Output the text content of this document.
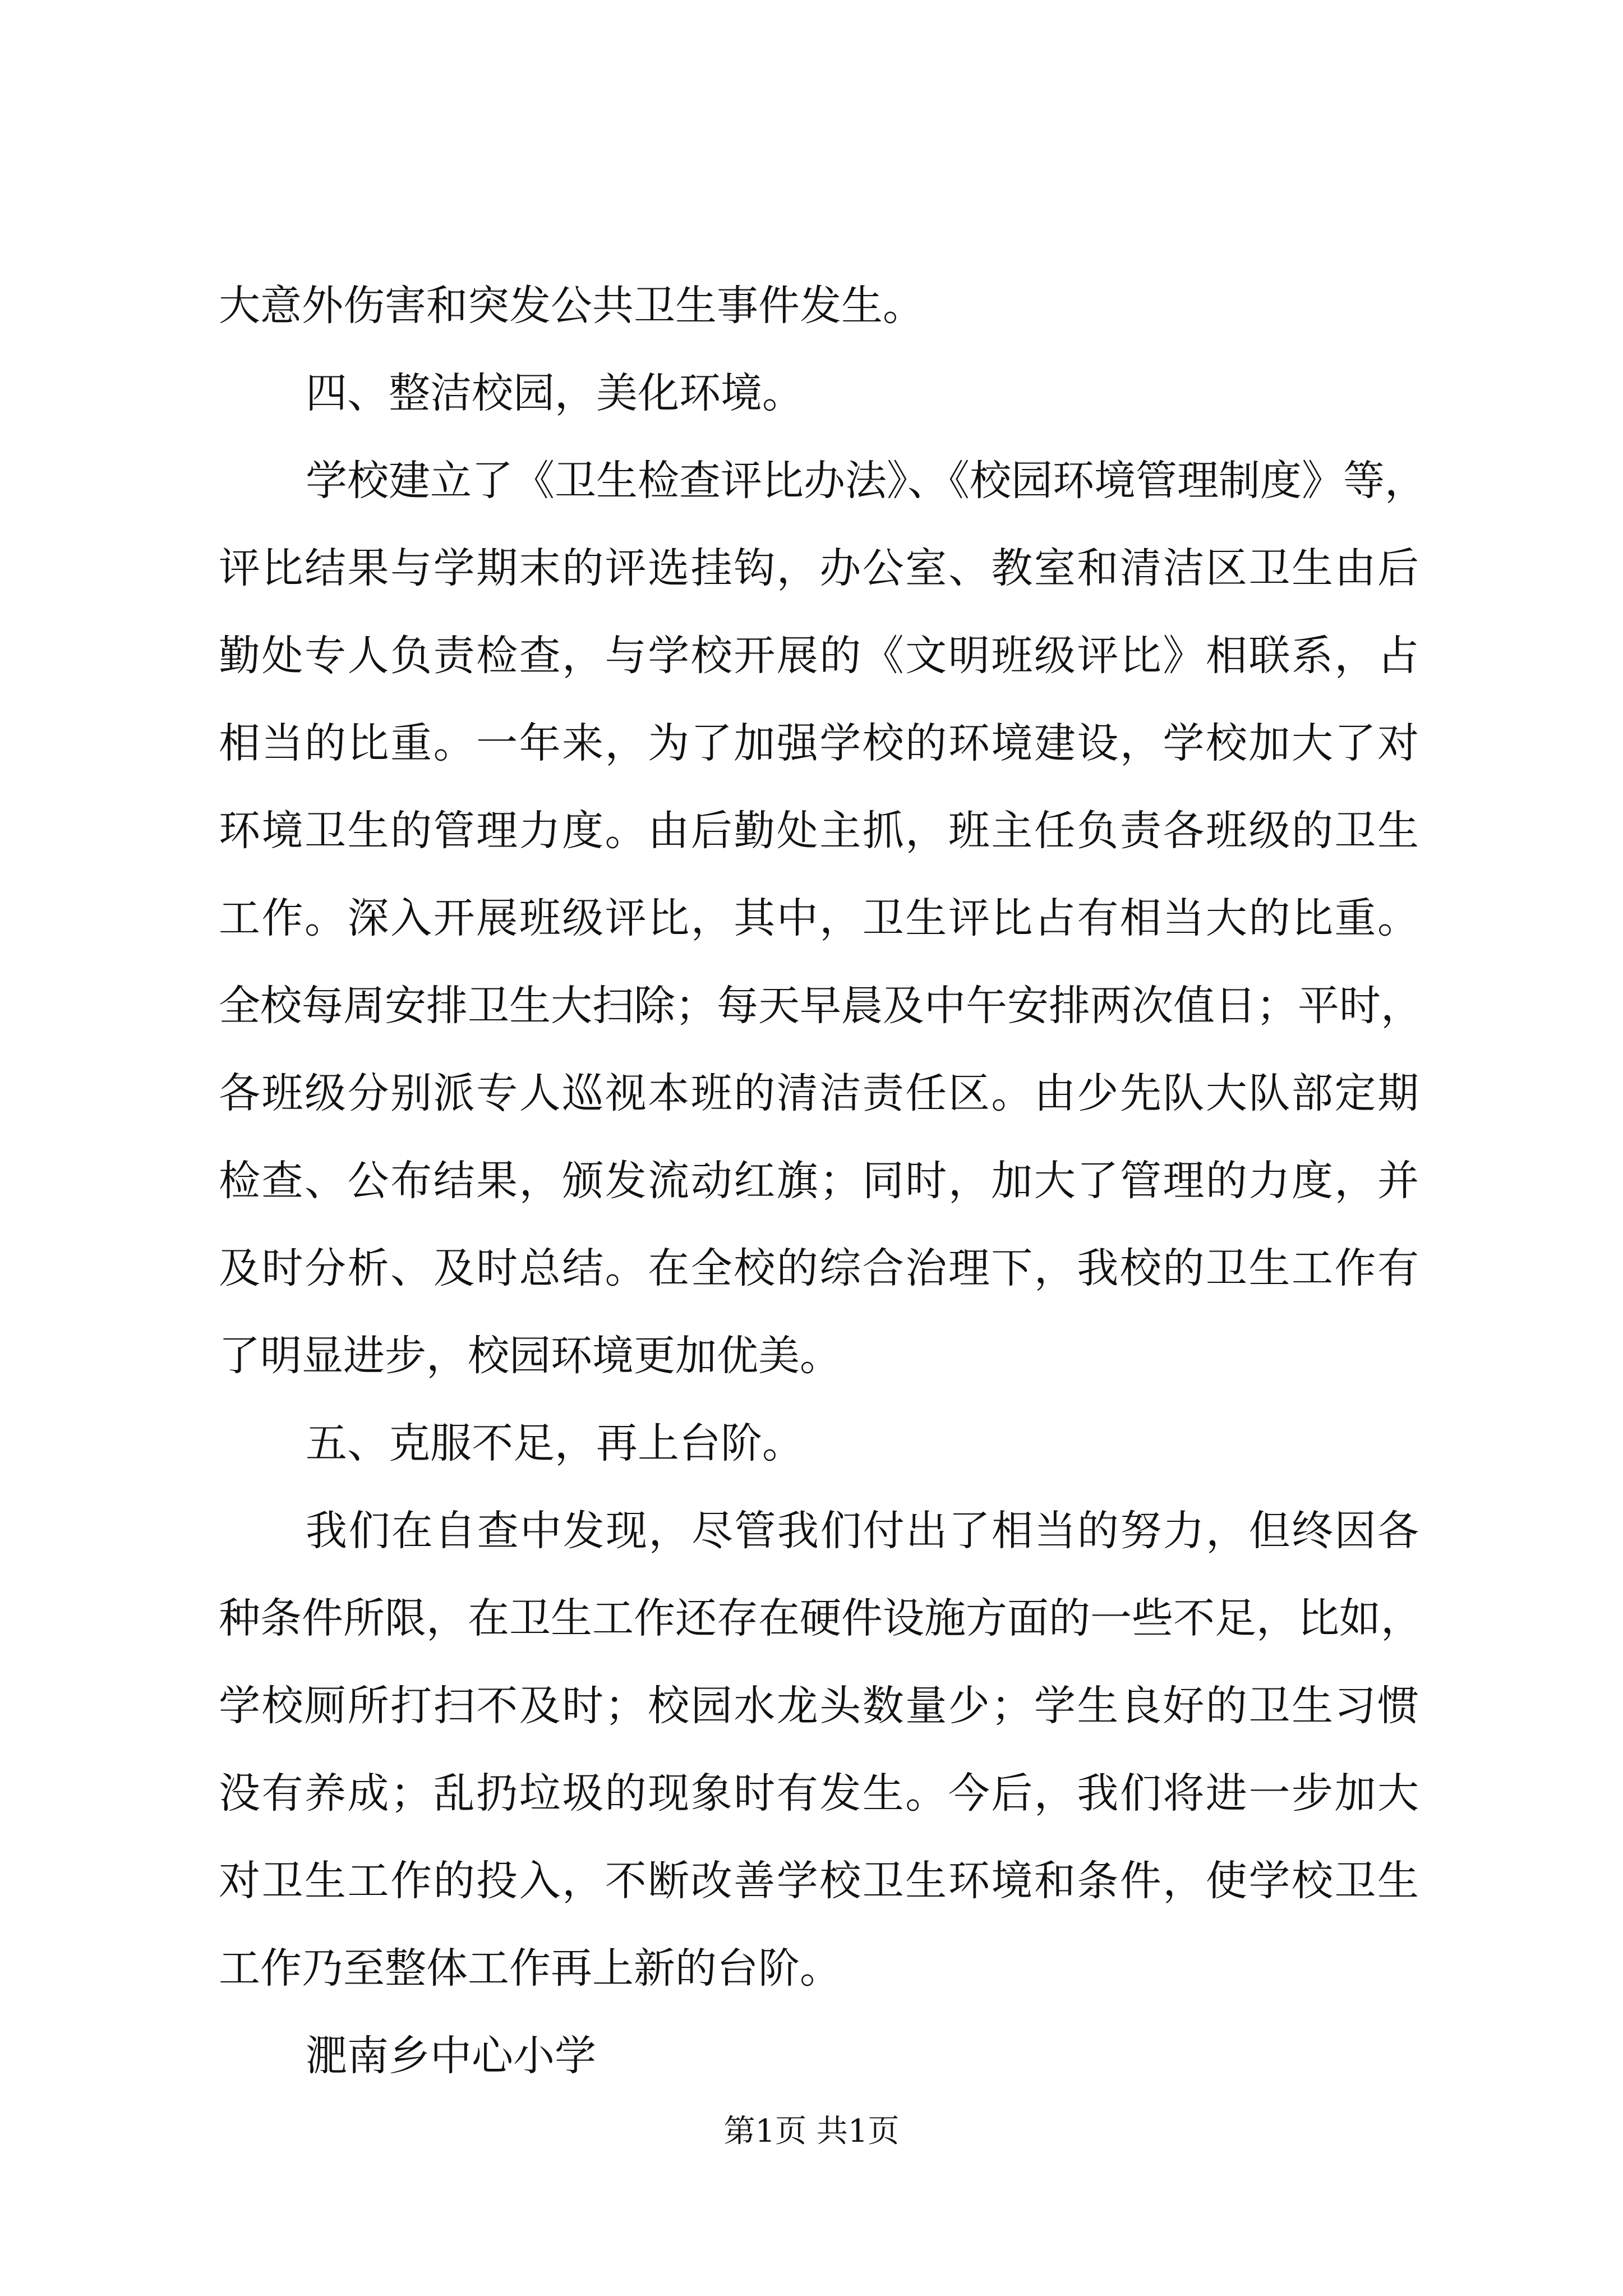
大意外伤害和突发公共卫生事件发生。
四、整洁校园，美化环境。
学校建立了《卫生检查评比办法》、《校园环境管理制度》等，
评比结果与学期末的评选挂钩，办公室、教室和清洁区卫生由后
勤处专人负责检查，与学校开展的《文明班级评比》相联系，占
相当的比重。一年来，为了加强学校的环境建设，学校加大了对
环境卫生的管理力度。由后勤处主抓，班主任负责各班级的卫生
工作。深入开展班级评比，其中，卫生评比占有相当大的比重。
全校每周安排卫生大扫除；每天早晨及中午安排两次值日；平时，
各班级分别派专人巡视本班的清洁责任区。由少先队大队部定期
检查、公布结果，颁发流动红旗；同时，加大了管理的力度，并
及时分析、及时总结。在全校的综合治理下，我校的卫生工作有
了明显进步，校园环境更加优美。
五、克服不足，再上台阶。
我们在自查中发现，尽管我们付出了相当的努力，但终因各
种条件所限，在卫生工作还存在硬件设施方面的一些不足，比如，
学校厕所打扫不及时；校园水龙头数量少；学生良好的卫生习惯
没有养成；乱扔垃圾的现象时有发生。今后，我们将进一步加大
对卫生工作的投入，不断改善学校卫生环境和条件，使学校卫生
工作乃至整体工作再上新的台阶。
淝南乡中心小学
第1页 共1页
